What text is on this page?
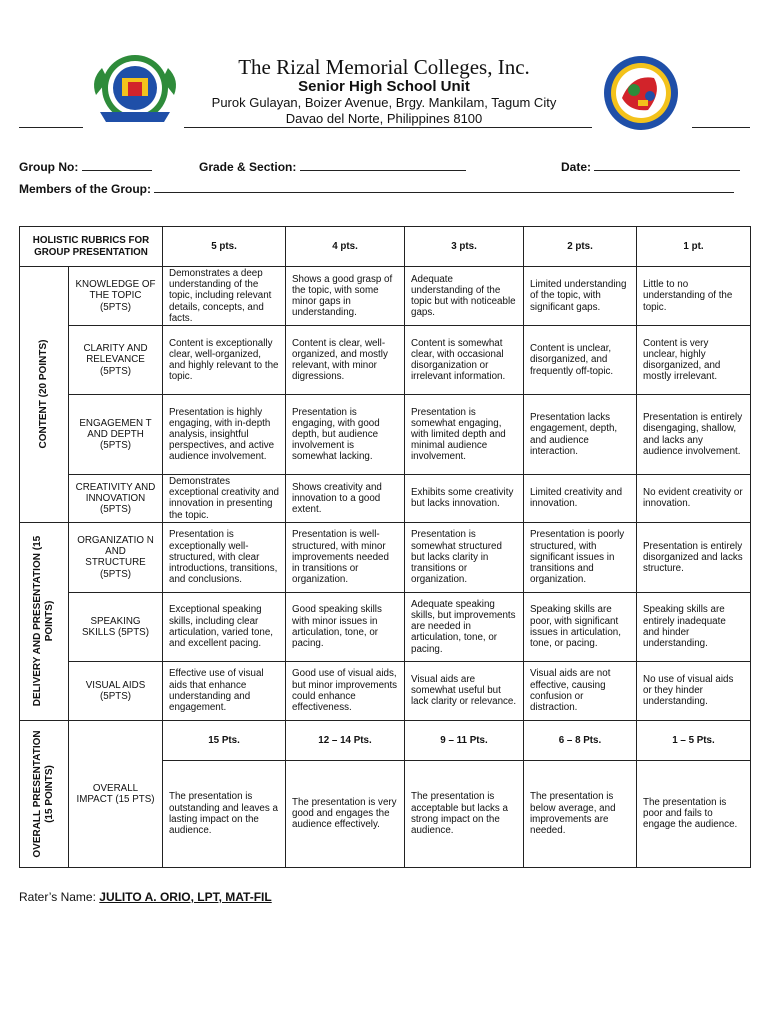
The Rizal Memorial Colleges, Inc.
Senior High School Unit
Purok Gulayan, Boizer Avenue, Brgy. Mankilam, Tagum City
Davao del Norte, Philippines 8100
Group No:	Grade & Section:	Date:
Members of the Group:
HOLISTIC RUBRICS FOR GROUP PRESENTATION		5 pts.	4 pts.	3 pts.	2 pts.	1 pt.

CONTENT (20 POINTS)	KNOWLEDGE OF THE TOPIC (5PTS)	Demonstrates a deep understanding of the topic, including relevant details, concepts, and facts.	Shows a good grasp of the topic, with some minor gaps in understanding.	Adequate understanding of the topic but with noticeable gaps.	Limited understanding of the topic, with significant gaps.	Little to no understanding of the topic.
	CLARITY AND RELEVANCE (5PTS)	Content is exceptionally clear, well-organized, and highly relevant to the topic.	Content is clear, well-organized, and mostly relevant, with minor digressions.	Content is somewhat clear, with occasional disorganization or irrelevant information.	Content is unclear, disorganized, and frequently off-topic.	Content is very unclear, highly disorganized, and mostly irrelevant.
	ENGAGEMEN T AND DEPTH (5PTS)	Presentation is highly engaging, with in-depth analysis, insightful perspectives, and active audience involvement.	Presentation is engaging, with good depth, but audience involvement is somewhat lacking.	Presentation is somewhat engaging, with limited depth and minimal audience involvement.	Presentation lacks engagement, depth, and audience interaction.	Presentation is entirely disengaging, shallow, and lacks any audience involvement.
	CREATIVITY AND INNOVATION (5PTS)	Demonstrates exceptional creativity and innovation in presenting the topic.	Shows creativity and innovation to a good extent.	Exhibits some creativity but lacks innovation.	Limited creativity and innovation.	No evident creativity or innovation.

DELIVERY AND PRESENTATION (15 POINTS)	ORGANIZATIO N AND STRUCTURE (5PTS)	Presentation is exceptionally well-structured, with clear introductions, transitions, and conclusions.	Presentation is well-structured, with minor improvements needed in transitions or organization.	Presentation is somewhat structured but lacks clarity in transitions or organization.	Presentation is poorly structured, with significant issues in transitions and organization.	Presentation is entirely disorganized and lacks structure.
	SPEAKING SKILLS (5PTS)	Exceptional speaking skills, including clear articulation, varied tone, and excellent pacing.	Good speaking skills with minor issues in articulation, tone, or pacing.	Adequate speaking skills, but improvements are needed in articulation, tone, or pacing.	Speaking skills are poor, with significant issues in articulation, tone, or pacing.	Speaking skills are entirely inadequate and hinder understanding.
	VISUAL AIDS (5PTS)	Effective use of visual aids that enhance understanding and engagement.	Good use of visual aids, but minor improvements could enhance effectiveness.	Visual aids are somewhat useful but lack clarity or relevance.	Visual aids are not effective, causing confusion or distraction.	No use of visual aids or they hinder understanding.

OVERALL PRESENTATION (15 POINTS)	OVERALL IMPACT (15 PTS)	15 Pts.	12 – 14 Pts.	9 – 11 Pts.	6 – 8 Pts.	1 – 5 Pts.
		The presentation is outstanding and leaves a lasting impact on the audience.	The presentation is very good and engages the audience effectively.	The presentation is acceptable but lacks a strong impact on the audience.	The presentation is below average, and improvements are needed.	The presentation is poor and fails to engage the audience.
Rater’s Name: JULITO A. ORIO, LPT, MAT-FIL
